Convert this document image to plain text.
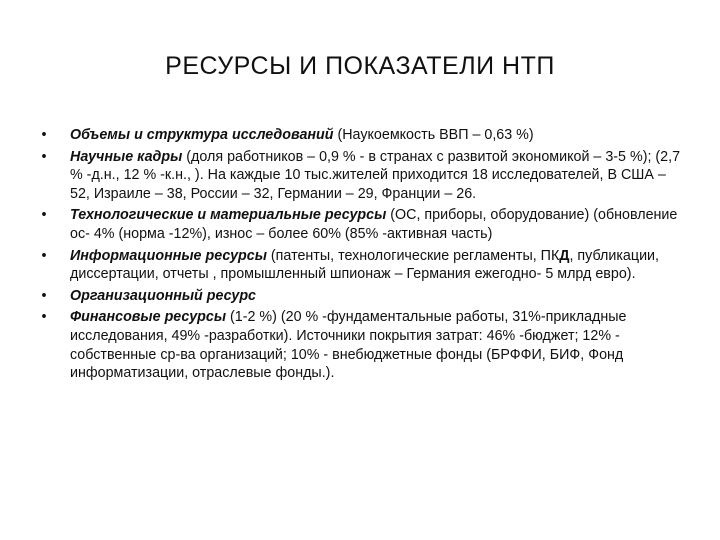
РЕСУРСЫ И ПОКАЗАТЕЛИ НТП
• Объемы и структура исследований (Наукоемкость ВВП – 0,63 %)
• Научные кадры (доля работников – 0,9 % - в странах с развитой экономикой – 3-5 %); (2,7 % -д.н., 12 % -к.н., ). На каждые 10 тыс.жителей приходится 18 исследователей, В США – 52, Израиле – 38, России – 32, Германии – 29, Франции – 26.
• Технологические и материальные ресурсы (ОС, приборы, оборудование) (обновление ос- 4% (норма -12%), износ – более 60% (85% -активная часть)
• Информационные ресурсы (патенты, технологические регламенты, ПКД, публикации, диссертации, отчеты , промышленный шпионаж – Германия ежегодно- 5 млрд евро).
• Организационный ресурс
• Финансовые ресурсы (1-2 %) (20 % -фундаментальные работы, 31%-прикладные исследования, 49% -разработки). Источники покрытия затрат: 46% -бюджет; 12% - собственные ср-ва организаций; 10% - внебюджетные фонды (БРФФИ, БИФ, Фонд информатизации, отраслевые фонды.).
